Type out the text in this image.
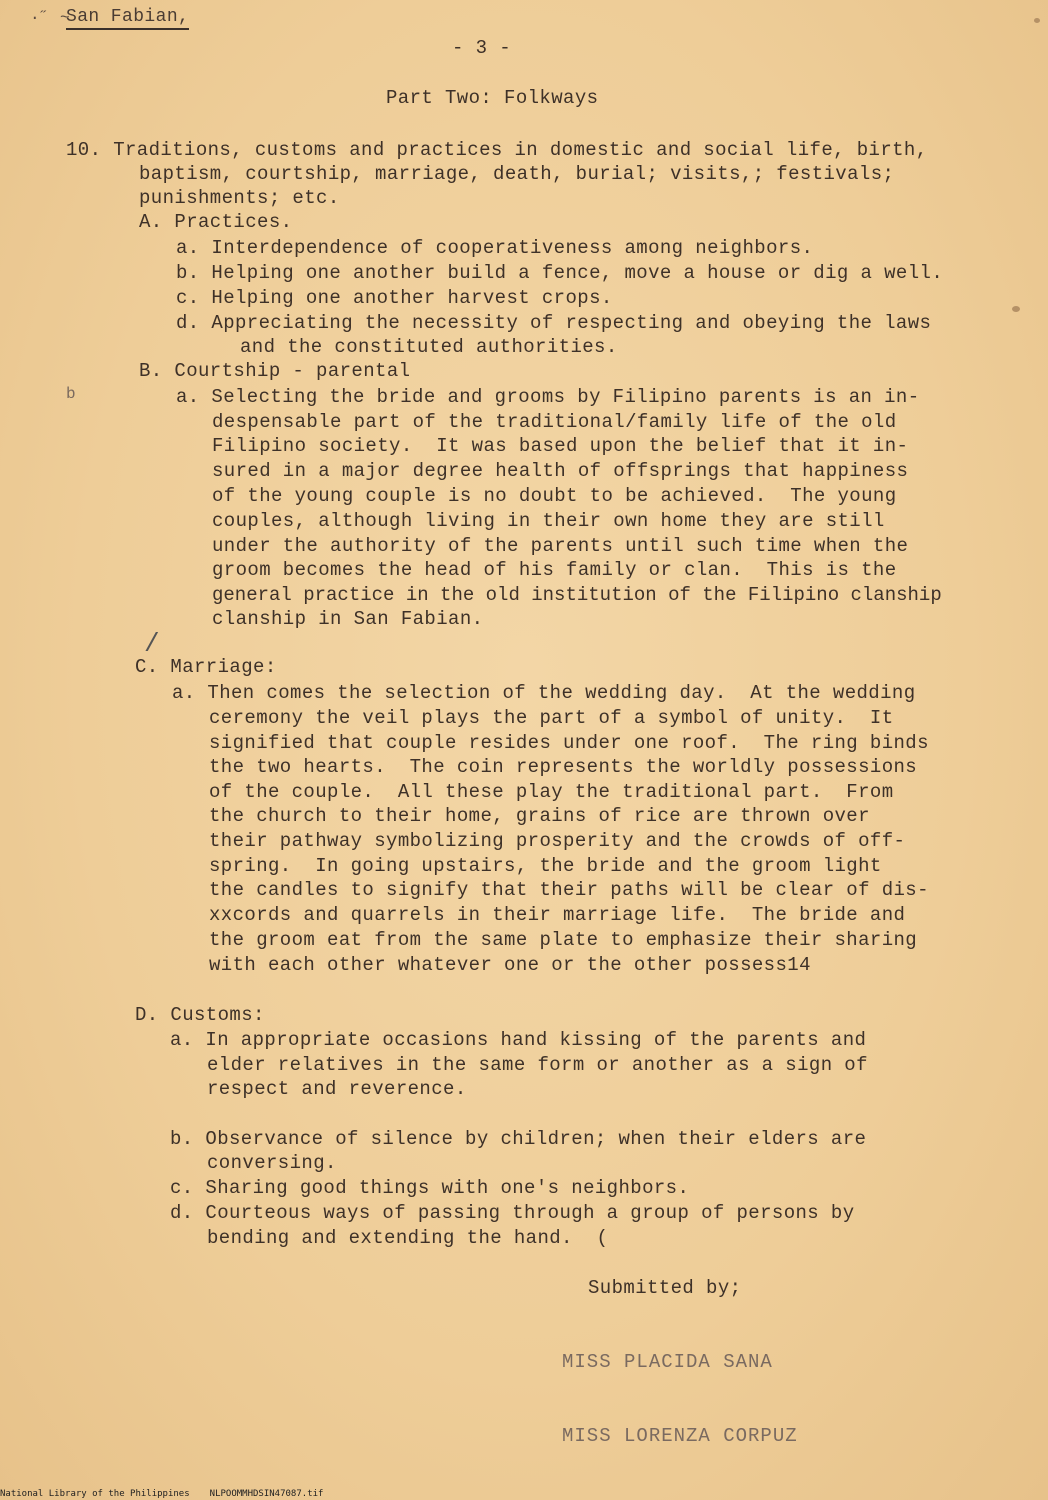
·˝ ~
San Fabian,
- 3 -
Part Two: Folkways
10. Traditions, customs and practices in domestic and social life, birth,
baptism, courtship, marriage, death, burial; visits,; festivals;
punishments; etc.
A. Practices.
a. Interdependence of cooperativeness among neighbors.
b. Helping one another build a fence, move a house or dig a well.
c. Helping one another harvest crops.
d. Appreciating the necessity of respecting and obeying the laws
and the constituted authorities.
B. Courtship - parental
b	a. Selecting the bride and grooms by Filipino parents is an in-
despensable part of the traditional/family life of the old
Filipino society.  It was based upon the belief that it in-
sured in a major degree health of offsprings that happiness
of the young couple is no doubt to be achieved.  The young
couples, although living in their own home they are still
under the authority of the parents until such time when the
groom becomes the head of his family or clan.  This is the
general practice in the old institution of the Filipino clanship
clanship in San Fabian.
/
C. Marriage:
a. Then comes the selection of the wedding day.  At the wedding
ceremony the veil plays the part of a symbol of unity.  It
signified that couple resides under one roof.  The ring binds
the two hearts.  The coin represents the worldly possessions
of the couple.  All these play the traditional part.  From
the church to their home, grains of rice are thrown over
their pathway symbolizing prosperity and the crowds of off-
spring.  In going upstairs, the bride and the groom light
the candles to signify that their paths will be clear of dis-
xxcords and quarrels in their marriage life.  The bride and
the groom eat from the same plate to emphasize their sharing
with each other whatever one or the other possess14
D. Customs:
a. In appropriate occasions hand kissing of the parents and
elder relatives in the same form or another as a sign of
respect and reverence.
b. Observance of silence by children; when their elders are
conversing.
c. Sharing good things with one's neighbors.
d. Courteous ways of passing through a group of persons by
bending and extending the hand.  (
Submitted by;
MISS PLACIDA SANA
MISS LORENZA CORPUZ
National Library of the Philippines NLPOOMMHDSIN47087.tif
